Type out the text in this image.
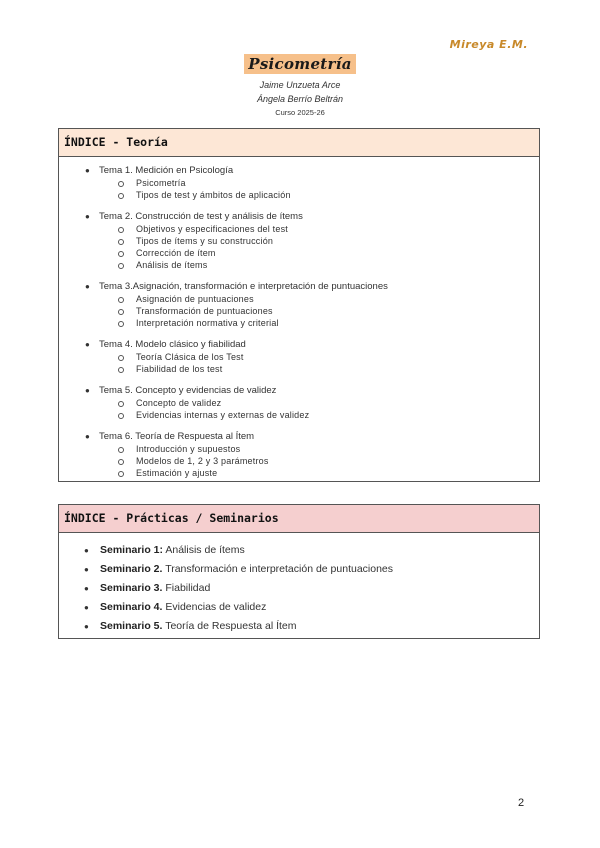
Mireya E.M.
Psicometría
Jaime Unzueta Arce
Ángela Berrío Beltrán
Curso 2025-26
ÍNDICE - Teoría
● Tema 1. Medición en Psicología
Psicometría
Tipos de test y ámbitos de aplicación
● Tema 2. Construcción de test y análisis de ítems
Objetivos y especificaciones del test
Tipos de ítems y su construcción
Corrección de ítem
Análisis de ítems
● Tema 3.Asignación, transformación e interpretación de puntuaciones
Asignación de puntuaciones
Transformación de puntuaciones
Interpretación normativa y criterial
● Tema 4. Modelo clásico y fiabilidad
Teoría Clásica de los Test
Fiabilidad de los test
● Tema 5. Concepto y evidencias de validez
Concepto de validez
Evidencias internas y externas de validez
● Tema 6. Teoría de Respuesta al Ítem
Introducción y supuestos
Modelos de 1, 2 y 3 parámetros
Estimación y ajuste
ÍNDICE - Prácticas / Seminarios
● Seminario 1: Análisis de ítems
● Seminario 2. Transformación e interpretación de puntuaciones
● Seminario 3. Fiabilidad
● Seminario 4. Evidencias de validez
● Seminario 5. Teoría de Respuesta al Ítem
2
